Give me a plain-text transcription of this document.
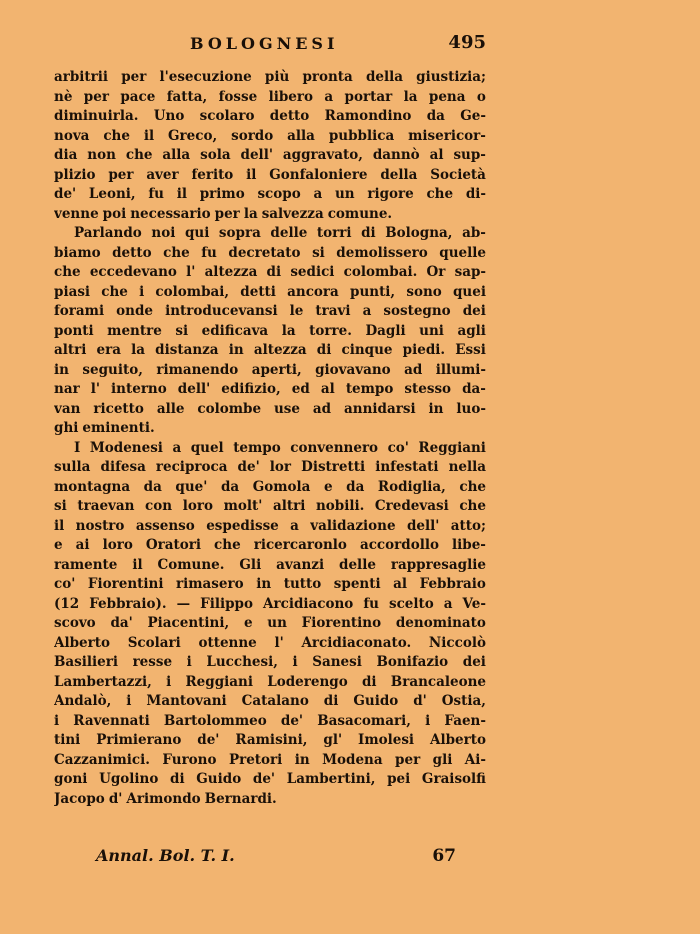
BOLOGNESI	495
arbitrii per l'esecuzione più pronta della giustizia;
nè per pace fatta, fosse libero a portar la pena o
diminuirla. Uno scolaro detto Ramondino da Ge-
nova che il Greco, sordo alla pubblica misericor-
dia non che alla sola dell' aggravato, dannò al sup-
plizio per aver ferito il Gonfaloniere della Società
de' Leoni, fu il primo scopo a un rigore che di-
venne poi necessario per la salvezza comune.
Parlando noi qui sopra delle torri di Bologna, ab-
biamo detto che fu decretato si demolissero quelle
che eccedevano l' altezza di sedici colombai. Or sap-
piasi che i colombai, detti ancora punti, sono quei
forami onde introducevansi le travi a sostegno dei
ponti mentre si edificava la torre. Dagli uni agli
altri era la distanza in altezza di cinque piedi. Essi
in seguito, rimanendo aperti, giovavano ad illumi-
nar l' interno dell' edifizio, ed al tempo stesso da-
van ricetto alle colombe use ad annidarsi in luo-
ghi eminenti.
I Modenesi a quel tempo convennero co' Reggiani
sulla difesa reciproca de' lor Distretti infestati nella
montagna da que' da Gomola e da Rodiglia, che
si traevan con loro molt' altri nobili. Credevasi che
il nostro assenso espedisse a validazione dell' atto;
e ai loro Oratori che ricercaronlo accordollo libe-
ramente il Comune. Gli avanzi delle rappresaglie
co' Fiorentini rimasero in tutto spenti al Febbraio
(12 Febbraio). — Filippo Arcidiacono fu scelto a Ve-
scovo da' Piacentini, e un Fiorentino denominato
Alberto Scolari ottenne l' Arcidiaconato. Niccolò
Basilieri resse i Lucchesi, i Sanesi Bonifazio dei
Lambertazzi, i Reggiani Loderengo di Brancaleone
Andalò, i Mantovani Catalano di Guido d' Ostia,
i Ravennati Bartolommeo de' Basacomari, i Faen-
tini Primierano de' Ramisini, gl' Imolesi Alberto
Cazzanimici. Furono Pretori in Modena per gli Ai-
goni Ugolino di Guido de' Lambertini, pei Graisolfi
Jacopo d' Arimondo Bernardi.
Annal. Bol. T. I.	67
